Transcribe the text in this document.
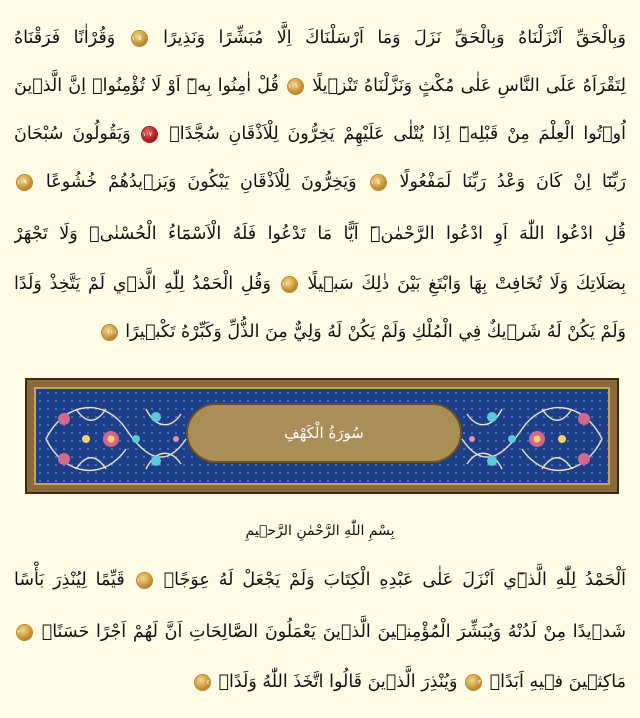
وَبِالْحَقِّ اَنْزَلْنَاهُ وَبِالْحَقِّ نَزَلَ وَمَا اَرْسَلْنَاكَ اِلَّا مُبَشِّرًا وَنَذِيرًا ١٠٥ وَقُرْاٰنًا فَرَقْنَاهُ
لِتَقْرَاَهُ عَلَى النَّاسِ عَلٰى مُكْثٍ وَنَزَّلْنَاهُ تَنْز۪يلًا ١٠٦ قُلْ اٰمِنُوا بِه۪ٓ اَوْ لَا تُؤْمِنُواۜ اِنَّ الَّذ۪ينَ
اُو۫تُوا الْعِلْمَ مِنْ قَبْلِه۪ٓ اِذَا يُتْلٰى عَلَيْهِمْ يَخِرُّونَ لِلْاَذْقَانِ سُجَّدًاۙ ١٠٧ وَيَقُولُونَ سُبْحَانَ
رَبِّنَٓا اِنْ كَانَ وَعْدُ رَبِّنَا لَمَفْعُولًا ١٠٨ وَيَخِرُّونَ لِلْاَذْقَانِ يَبْكُونَ وَيَز۪يدُهُمْ خُشُوعًا ١٠٩
قُلِ ادْعُوا اللّٰهَ اَوِ ادْعُوا الرَّحْمٰنَۜ اَيًّا مَا تَدْعُوا فَلَهُ الْاَسْمَٓاءُ الْحُسْنٰىۚ وَلَا تَجْهَرْ
بِصَلَاتِكَ وَلَا تُخَافِتْ بِهَا وَابْتَغِ بَيْنَ ذٰلِكَ سَب۪يلًا ١١٠ وَقُلِ الْحَمْدُ لِلّٰهِ الَّذ۪ي لَمْ يَتَّخِذْ وَلَدًا
وَلَمْ يَكُنْ لَهُ شَر۪يكٌ فِي الْمُلْكِ وَلَمْ يَكُنْ لَهُ وَلِيٌّ مِنَ الذُّلِّ وَكَبِّرْهُ تَكْب۪يرًا ١١١
سُورَةُ الْكَهْفِ
بِسْمِ اللّٰهِ الرَّحْمٰنِ الرَّح۪يمِ
اَلْحَمْدُ لِلّٰهِ الَّذ۪ٓي اَنْزَلَ عَلٰى عَبْدِهِ الْكِتَابَ وَلَمْ يَجْعَلْ لَهُ عِوَجًاۜ ١ قَيِّمًا لِيُنْذِرَ بَأْسًا
شَد۪يدًا مِنْ لَدُنْهُ وَيُبَشِّرَ الْمُؤْمِن۪ينَ الَّذ۪ينَ يَعْمَلُونَ الصَّالِحَاتِ اَنَّ لَهُمْ اَجْرًا حَسَنًاۙ ٢
مَاكِث۪ينَ ف۪يهِ اَبَدًاۙ ٣ وَيُنْذِرَ الَّذ۪ينَ قَالُوا اتَّخَذَ اللّٰهُ وَلَدًاۗ ٤
